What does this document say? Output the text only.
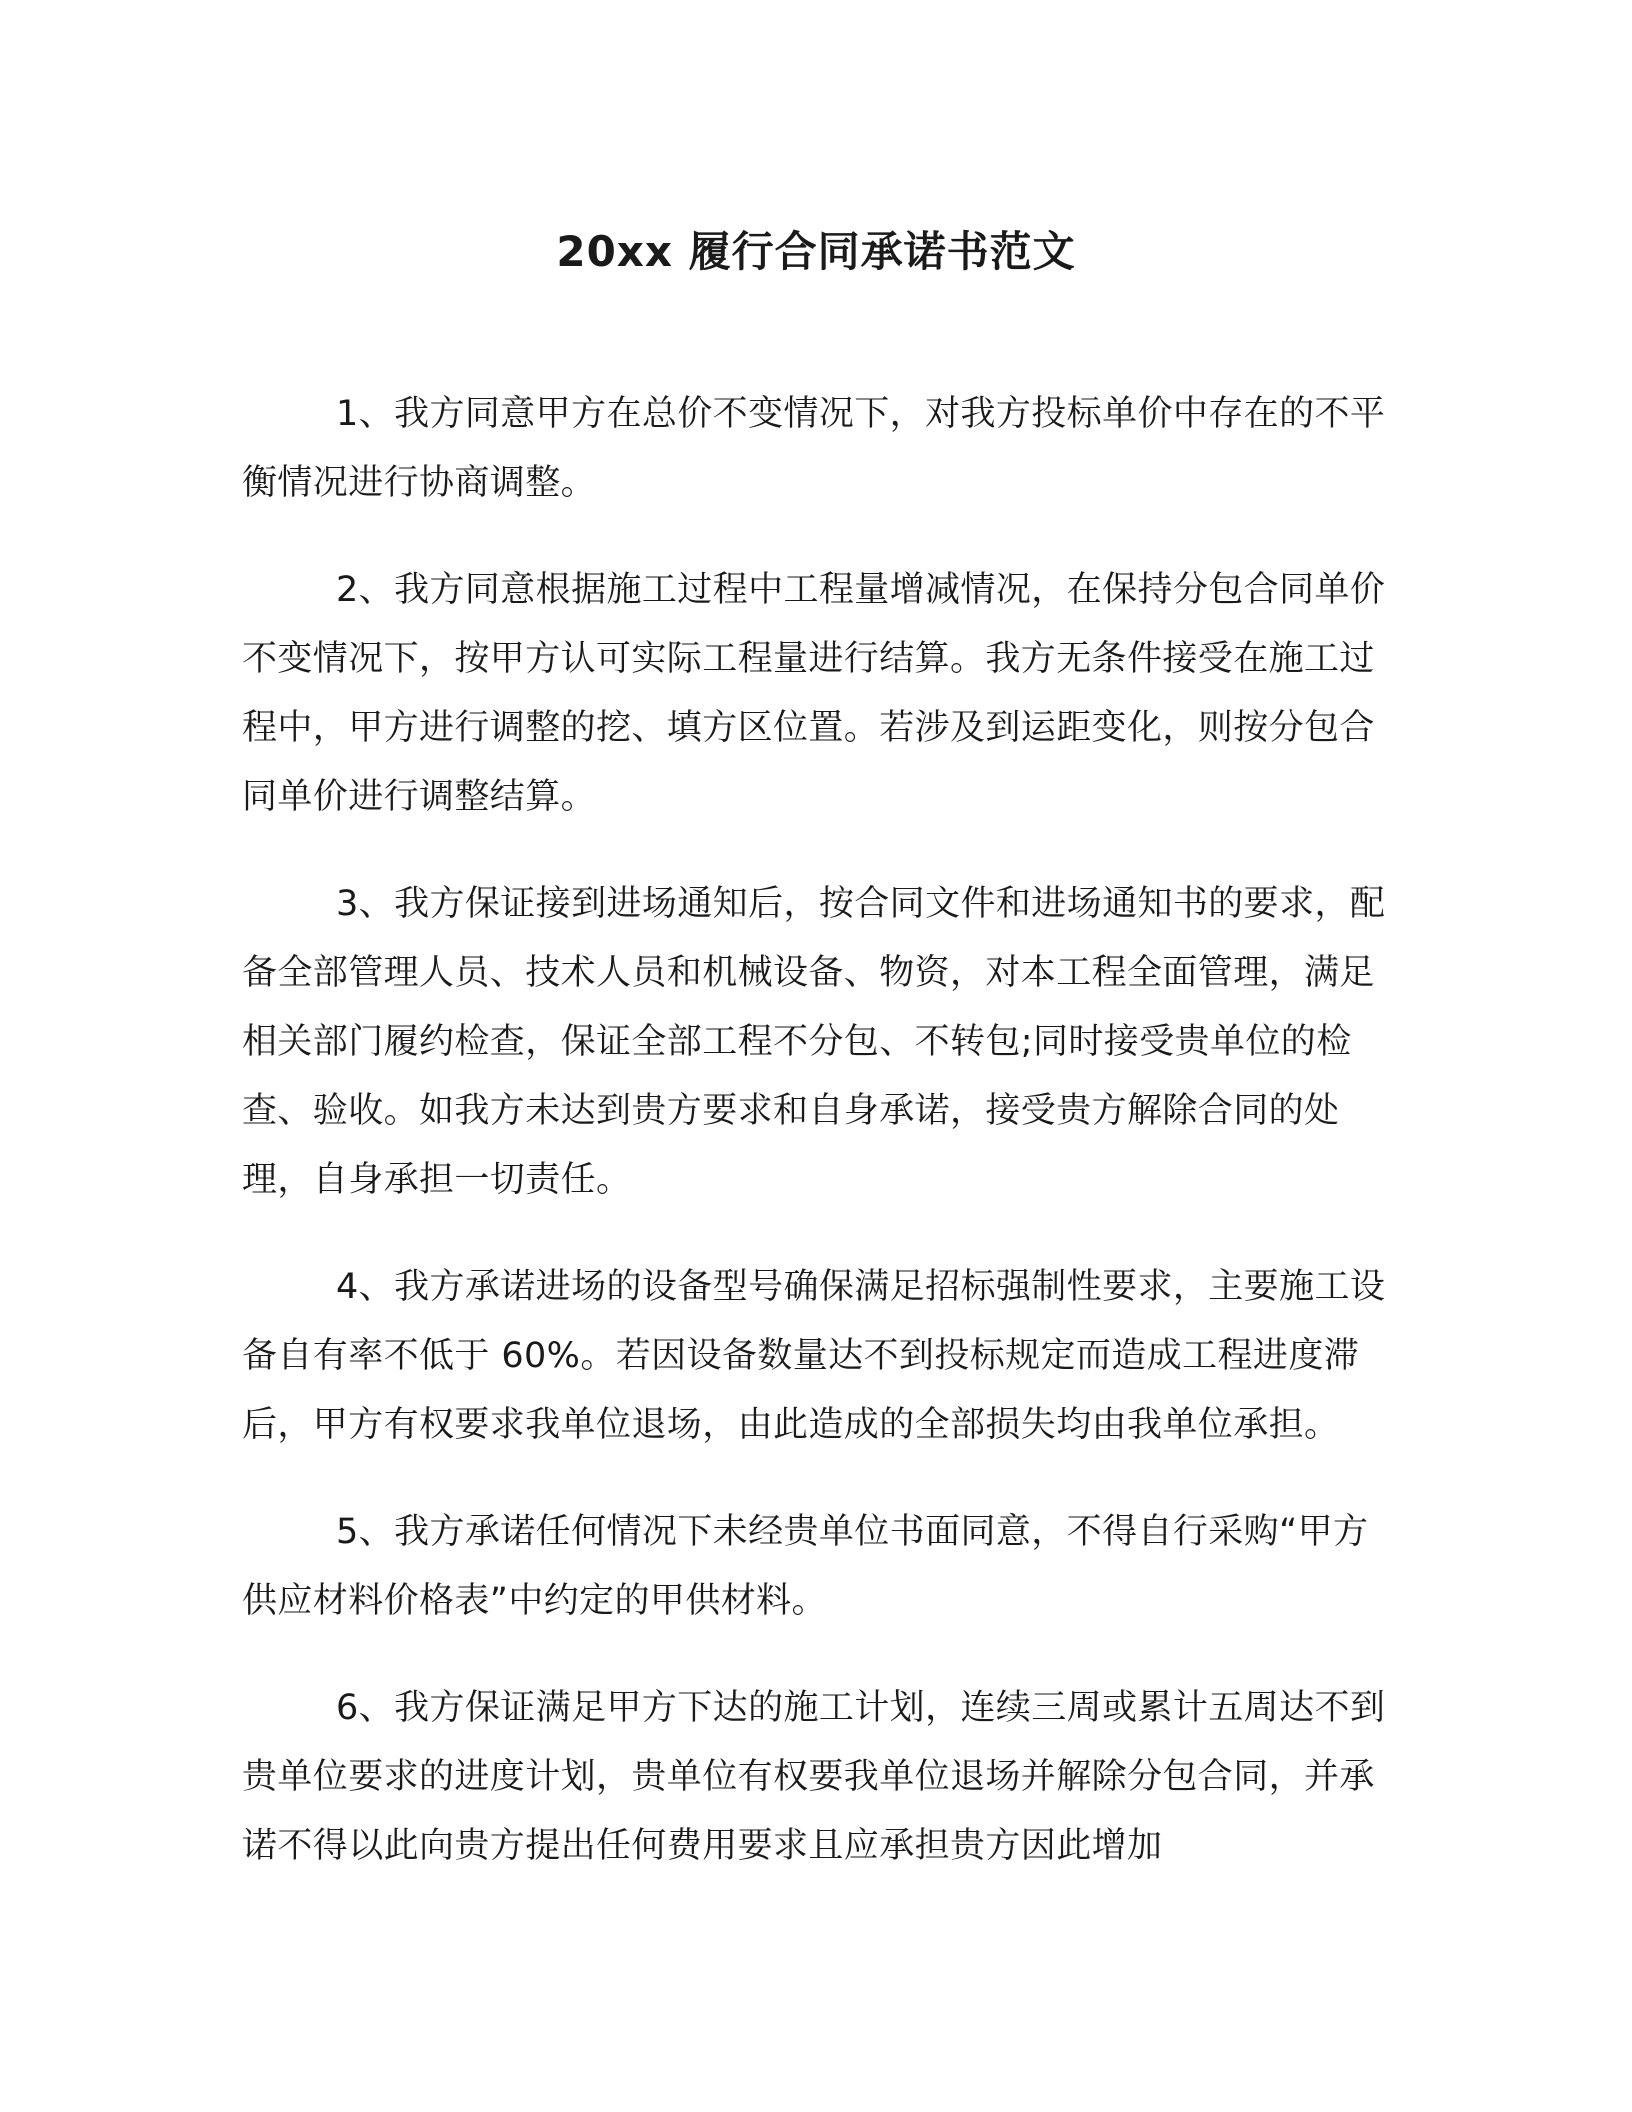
20xx 履行合同承诺书范文

1、我方同意甲方在总价不变情况下，对我方投标单价中存在的不平衡情况进行协商调整。

2、我方同意根据施工过程中工程量增减情况，在保持分包合同单价不变情况下，按甲方认可实际工程量进行结算。我方无条件接受在施工过程中，甲方进行调整的挖、填方区位置。若涉及到运距变化，则按分包合同单价进行调整结算。

3、我方保证接到进场通知后，按合同文件和进场通知书的要求，配备全部管理人员、技术人员和机械设备、物资，对本工程全面管理，满足相关部门履约检查，保证全部工程不分包、不转包;同时接受贵单位的检查、验收。如我方未达到贵方要求和自身承诺，接受贵方解除合同的处理，自身承担一切责任。

4、我方承诺进场的设备型号确保满足招标强制性要求，主要施工设备自有率不低于 60%。若因设备数量达不到投标规定而造成工程进度滞后，甲方有权要求我单位退场，由此造成的全部损失均由我单位承担。

5、我方承诺任何情况下未经贵单位书面同意，不得自行采购“甲方供应材料价格表”中约定的甲供材料。

6、我方保证满足甲方下达的施工计划，连续三周或累计五周达不到贵单位要求的进度计划，贵单位有权要我单位退场并解除分包合同，并承诺不得以此向贵方提出任何费用要求且应承担贵方因此增加
